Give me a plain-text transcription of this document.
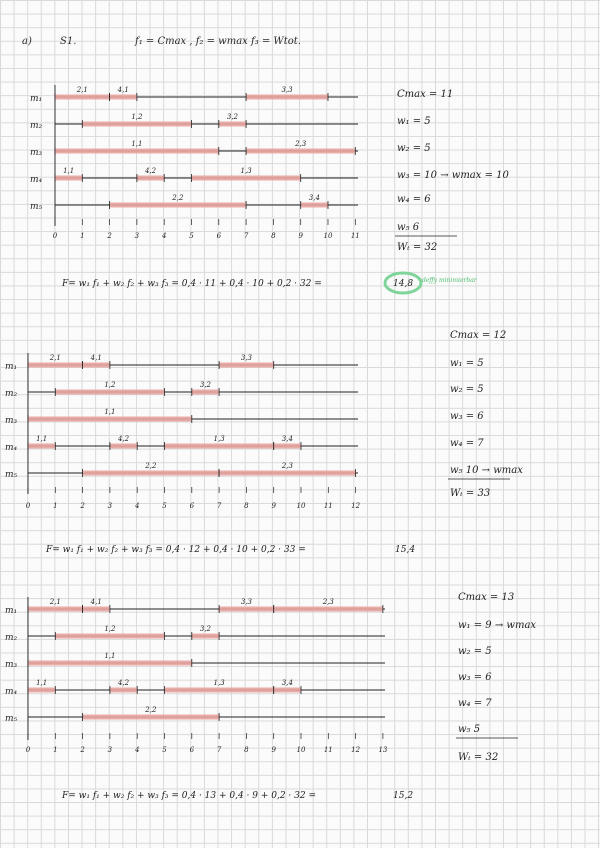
a)	S1.	f₁ = Cmax , f₂ = wmax f₃ = Wtot.
m₁
m₂
m₃
m₄
m₅
2,1	4,1	3,3
1,2	3,2
1,1	2,3
1,1	4,2	1,3
2,2	3,4
0	1	2	3	4	5	6	7	8	9	10	11
Cmax = 11
w₁ = 5
w₂ = 5
w₃ = 10 → wmax = 10
w₄ = 6
w₅ 6
Wₜ = 32
F= w₁ f₁ + w₂ f₂ + w₃ f₃ = 0,4 · 11 + 0,4 · 10 + 0,2 · 32 =	14,8 deffy minimierbar
m₁
m₂
m₃
m₄
m₅
2,1	4,1	3,3
1,2	3,2
1,1
1,1	4,2	1,3	3,4
2,2	2,3
0	1	2	3	4	5	6	7	8	9	10	11	12
Cmax = 12
w₁ = 5
w₂ = 5
w₃ = 6
w₄ = 7
w₅ 10 → wmax
Wₜ = 33
F= w₁ f₁ + w₂ f₂ + w₃ f₃ = 0,4 · 12 + 0,4 · 10 + 0,2 · 33 =	15,4
m₁
m₂
m₃
m₄
m₅
2,1	4,1	3,3	2,3
1,2	3,2
1,1
1,1	4,2	1,3	3,4
2,2
0	1	2	3	4	5	6	7	8	9	10	11	12	13
Cmax = 13
w₁ = 9 → wmax
w₂ = 5
w₃ = 6
w₄ = 7
w₅ 5
Wₜ = 32
F= w₁ f₁ + w₂ f₂ + w₃ f₃ = 0,4 · 13 + 0,4 · 9 + 0,2 · 32 =	15,2
